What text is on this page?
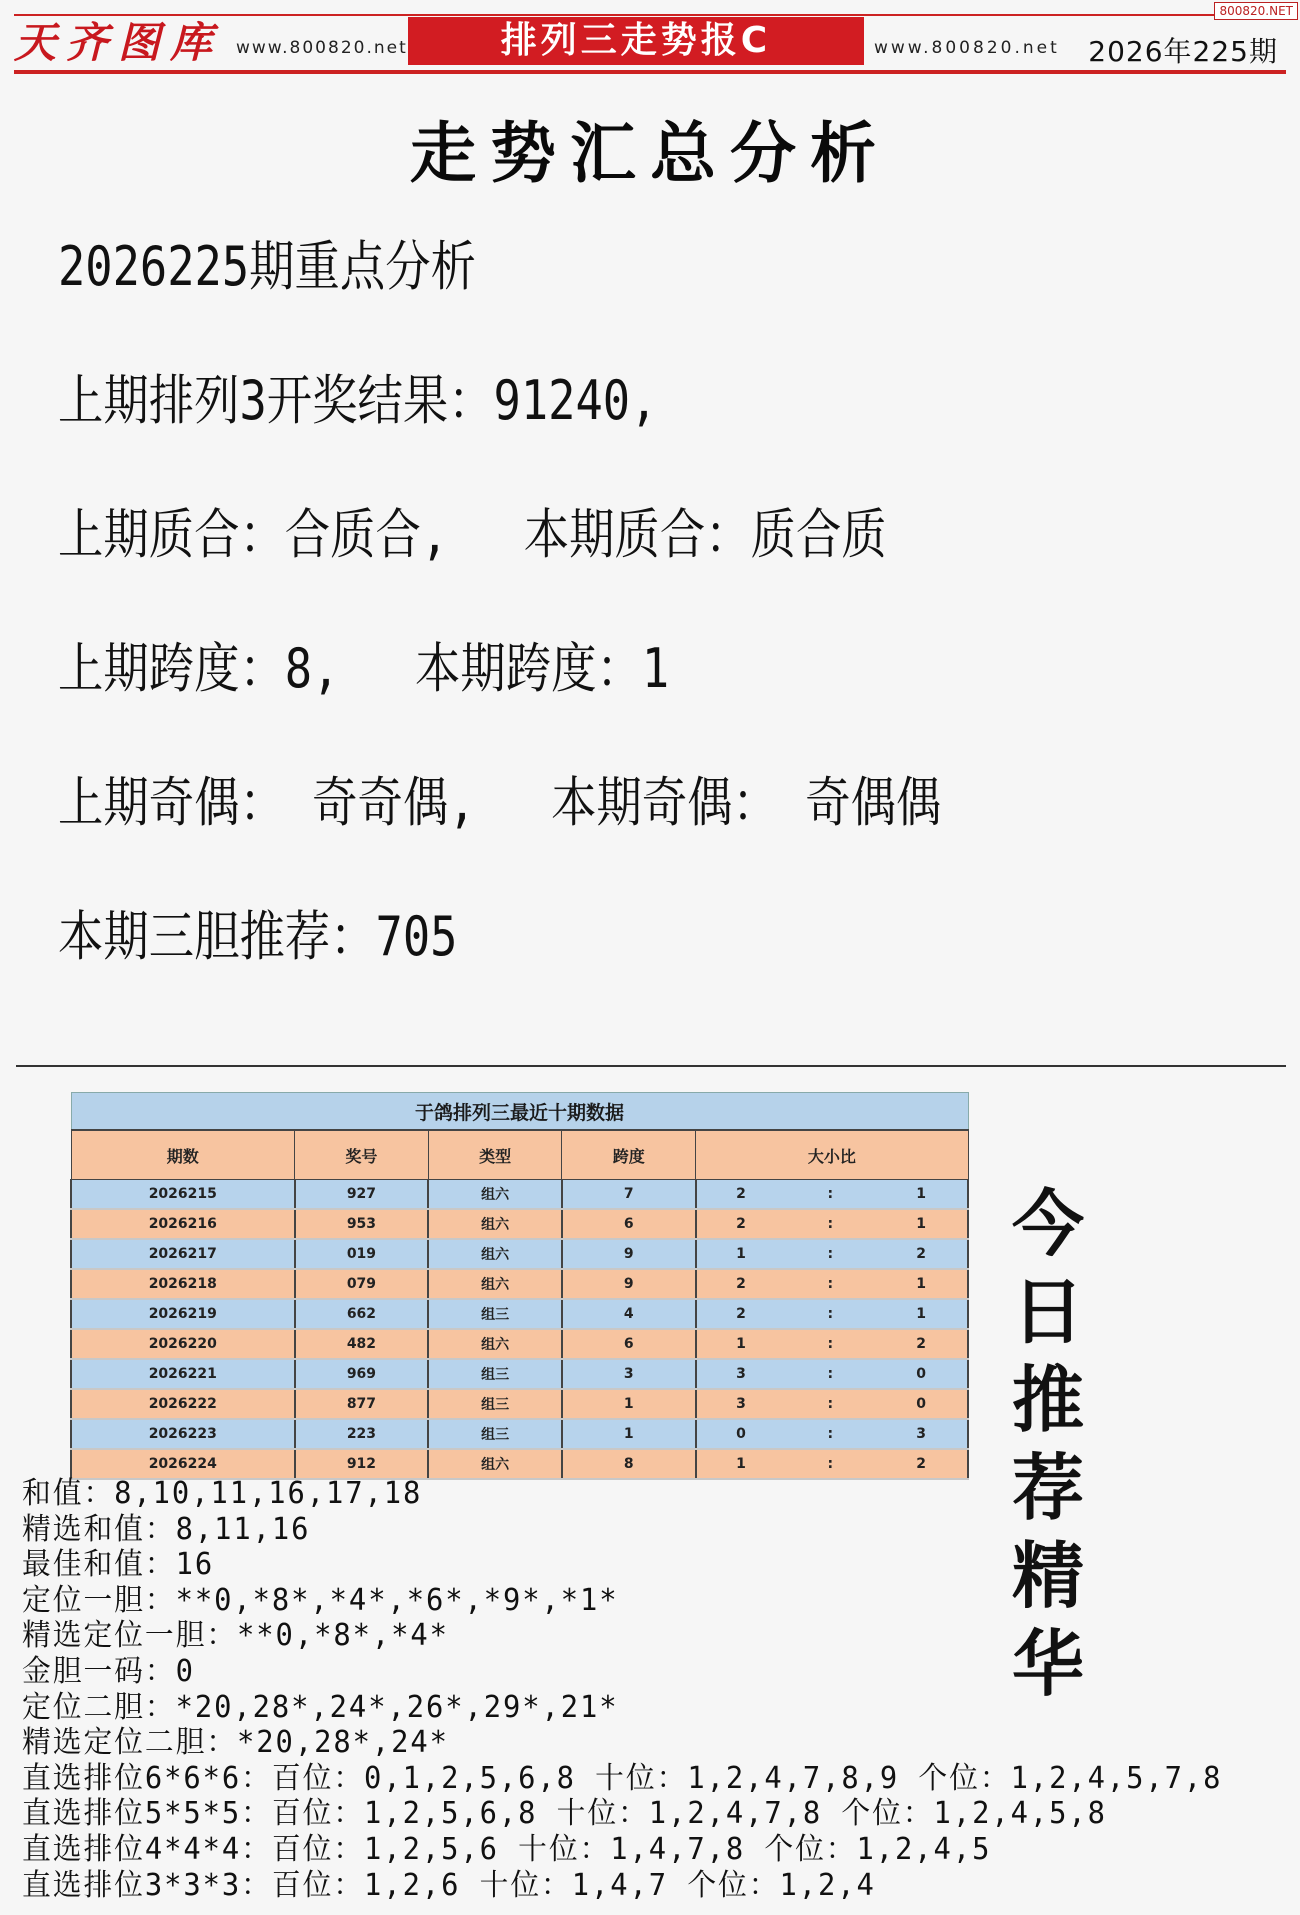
800820.NET
天齐图库 www.800820.net	排列三走势报C	www.800820.net 2026年225期
走势汇总分析
2026225期重点分析
上期排列3开奖结果：91240,
上期质合：合质合, 本期质合：质合质
上期跨度：8, 本期跨度：1
上期奇偶： 奇奇偶, 本期奇偶： 奇偶偶
本期三胆推荐：705
于鸽排列三最近十期数据						
期数	奖号	类型	跨度	大小比		
2026215	927	组六	7	2	:	1
2026216	953	组六	6	2	:	1
2026217	019	组六	9	1	:	2
2026218	079	组六	9	2	:	1
2026219	662	组三	4	2	:	1
2026220	482	组六	6	1	:	2
2026221	969	组三	3	3	:	0
2026222	877	组三	1	3	:	0
2026223	223	组三	1	0	:	3
2026224	912	组六	8	1	:	2
今日
推荐
精华
和值：8,10,11,16,17,18
精选和值：8,11,16
最佳和值：16
定位一胆：**0,*8*,*4*,*6*,*9*,*1*
精选定位一胆：**0,*8*,*4*
金胆一码：0
定位二胆：*20,28*,24*,26*,29*,21*
精选定位二胆：*20,28*,24*
直选排位6*6*6：百位：0,1,2,5,6,8 十位：1,2,4,7,8,9 个位：1,2,4,5,7,8
直选排位5*5*5：百位：1,2,5,6,8 十位：1,2,4,7,8 个位：1,2,4,5,8
直选排位4*4*4：百位：1,2,5,6 十位：1,4,7,8 个位：1,2,4,5
直选排位3*3*3：百位：1,2,6 十位：1,4,7 个位：1,2,4
